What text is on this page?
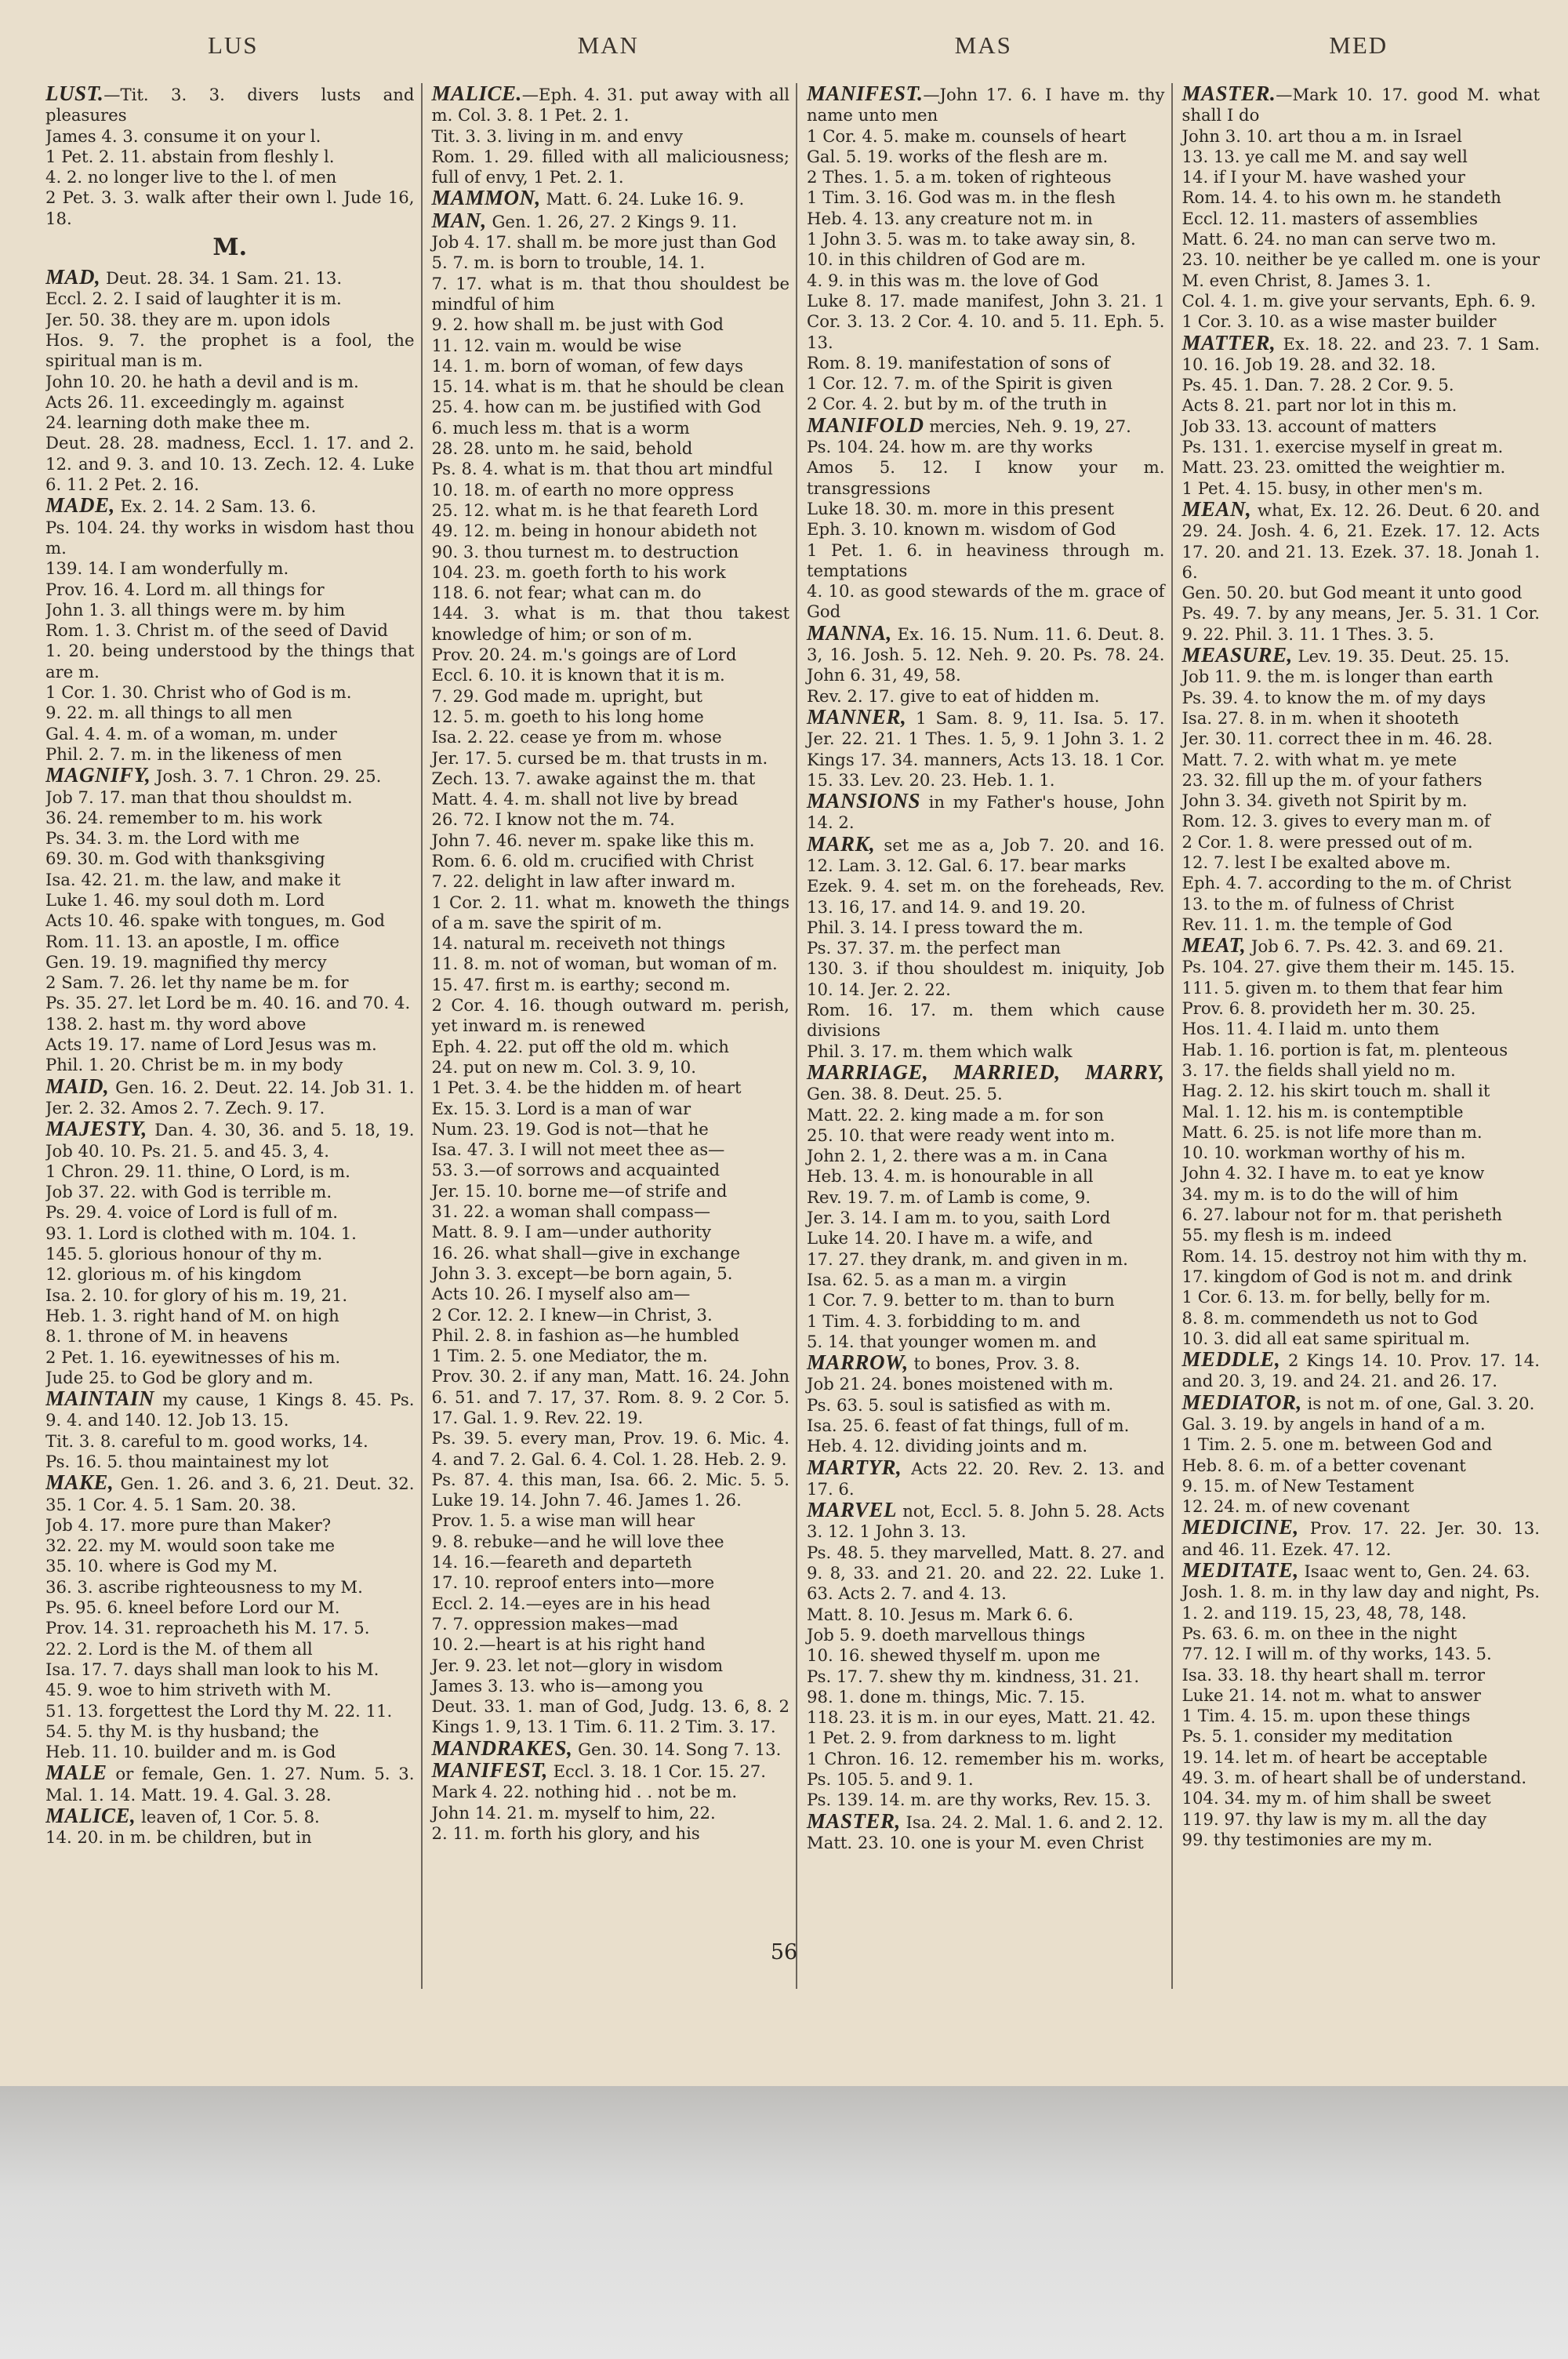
LUS	MAN	MAS	MED

LUST.—Tit. 3. 3. divers lusts and pleasures

James 4. 3. consume it on your l.

1 Pet. 2. 11. abstain from fleshly l.

4. 2. no longer live to the l. of men

2 Pet. 3. 3. walk after their own l. Jude 16, 18.

M.

MAD, Deut. 28. 34. 1 Sam. 21. 13.

Eccl. 2. 2. I said of laughter it is m.

Jer. 50. 38. they are m. upon idols

Hos. 9. 7. the prophet is a fool, the spiritual man is m.

John 10. 20. he hath a devil and is m.

Acts 26. 11. exceedingly m. against

24. learning doth make thee m.

Deut. 28. 28. madness, Eccl. 1. 17. and 2. 12. and 9. 3. and 10. 13. Zech. 12. 4. Luke 6. 11. 2 Pet. 2. 16.

MADE, Ex. 2. 14. 2 Sam. 13. 6.

Ps. 104. 24. thy works in wisdom hast thou m.

139. 14. I am wonderfully m.

Prov. 16. 4. Lord m. all things for

John 1. 3. all things were m. by him

Rom. 1. 3. Christ m. of the seed of David

1. 20. being understood by the things that are m.

1 Cor. 1. 30. Christ who of God is m.

9. 22. m. all things to all men

Gal. 4. 4. m. of a woman, m. under

Phil. 2. 7. m. in the likeness of men

MAGNIFY, Josh. 3. 7. 1 Chron. 29. 25.

Job 7. 17. man that thou shouldst m.

36. 24. remember to m. his work

Ps. 34. 3. m. the Lord with me

69. 30. m. God with thanksgiving

Isa. 42. 21. m. the law, and make it

Luke 1. 46. my soul doth m. Lord

Acts 10. 46. spake with tongues, m. God

Rom. 11. 13. an apostle, I m. office

Gen. 19. 19. magnified thy mercy

2 Sam. 7. 26. let thy name be m. for

Ps. 35. 27. let Lord be m. 40. 16. and 70. 4.

138. 2. hast m. thy word above

Acts 19. 17. name of Lord Jesus was m.

Phil. 1. 20. Christ be m. in my body

MAID, Gen. 16. 2. Deut. 22. 14. Job 31. 1. Jer. 2. 32. Amos 2. 7. Zech. 9. 17.

MAJESTY, Dan. 4. 30, 36. and 5. 18, 19. Job 40. 10. Ps. 21. 5. and 45. 3, 4.

1 Chron. 29. 11. thine, O Lord, is m.

Job 37. 22. with God is terrible m.

Ps. 29. 4. voice of Lord is full of m.

93. 1. Lord is clothed with m. 104. 1.

145. 5. glorious honour of thy m.

12. glorious m. of his kingdom

Isa. 2. 10. for glory of his m. 19, 21.

Heb. 1. 3. right hand of M. on high

8. 1. throne of M. in heavens

2 Pet. 1. 16. eyewitnesses of his m.

Jude 25. to God be glory and m.

MAINTAIN my cause, 1 Kings 8. 45. Ps. 9. 4. and 140. 12. Job 13. 15.

Tit. 3. 8. careful to m. good works, 14.

Ps. 16. 5. thou maintainest my lot

MAKE, Gen. 1. 26. and 3. 6, 21. Deut. 32. 35. 1 Cor. 4. 5. 1 Sam. 20. 38.

Job 4. 17. more pure than Maker?

32. 22. my M. would soon take me

35. 10. where is God my M.

36. 3. ascribe righteousness to my M.

Ps. 95. 6. kneel before Lord our M.

Prov. 14. 31. reproacheth his M. 17. 5.

22. 2. Lord is the M. of them all

Isa. 17. 7. days shall man look to his M.

45. 9. woe to him striveth with M.

51. 13. forgettest the Lord thy M. 22. 11.

54. 5. thy M. is thy husband; the

Heb. 11. 10. builder and m. is God

MALE or female, Gen. 1. 27. Num. 5. 3. Mal. 1. 14. Matt. 19. 4. Gal. 3. 28.

MALICE, leaven of, 1 Cor. 5. 8.

14. 20. in m. be children, but in

MALICE.—Eph. 4. 31. put away with all m. Col. 3. 8. 1 Pet. 2. 1.

Tit. 3. 3. living in m. and envy

Rom. 1. 29. filled with all maliciousness; full of envy, 1 Pet. 2. 1.

MAMMON, Matt. 6. 24. Luke 16. 9.

MAN, Gen. 1. 26, 27. 2 Kings 9. 11.

Job 4. 17. shall m. be more just than God

5. 7. m. is born to trouble, 14. 1.

7. 17. what is m. that thou shouldest be mindful of him

9. 2. how shall m. be just with God

11. 12. vain m. would be wise

14. 1. m. born of woman, of few days

15. 14. what is m. that he should be clean

25. 4. how can m. be justified with God

6. much less m. that is a worm

28. 28. unto m. he said, behold

Ps. 8. 4. what is m. that thou art mindful

10. 18. m. of earth no more oppress

25. 12. what m. is he that feareth Lord

49. 12. m. being in honour abideth not

90. 3. thou turnest m. to destruction

104. 23. m. goeth forth to his work

118. 6. not fear; what can m. do

144. 3. what is m. that thou takest knowledge of him; or son of m.

Prov. 20. 24. m.'s goings are of Lord

Eccl. 6. 10. it is known that it is m.

7. 29. God made m. upright, but

12. 5. m. goeth to his long home

Isa. 2. 22. cease ye from m. whose

Jer. 17. 5. cursed be m. that trusts in m.

Zech. 13. 7. awake against the m. that

Matt. 4. 4. m. shall not live by bread

26. 72. I know not the m. 74.

John 7. 46. never m. spake like this m.

Rom. 6. 6. old m. crucified with Christ

7. 22. delight in law after inward m.

1 Cor. 2. 11. what m. knoweth the things of a m. save the spirit of m.

14. natural m. receiveth not things

11. 8. m. not of woman, but woman of m.

15. 47. first m. is earthy; second m.

2 Cor. 4. 16. though outward m. perish, yet inward m. is renewed

Eph. 4. 22. put off the old m. which

24. put on new m. Col. 3. 9, 10.

1 Pet. 3. 4. be the hidden m. of heart

Ex. 15. 3. Lord is a man of war

Num. 23. 19. God is not—that he

Isa. 47. 3. I will not meet thee as—

53. 3.—of sorrows and acquainted

Jer. 15. 10. borne me—of strife and

31. 22. a woman shall compass—

Matt. 8. 9. I am—under authority

16. 26. what shall—give in exchange

John 3. 3. except—be born again, 5.

Acts 10. 26. I myself also am—

2 Cor. 12. 2. I knew—in Christ, 3.

Phil. 2. 8. in fashion as—he humbled

1 Tim. 2. 5. one Mediator, the m.

Prov. 30. 2. if any man, Matt. 16. 24. John 6. 51. and 7. 17, 37. Rom. 8. 9. 2 Cor. 5. 17. Gal. 1. 9. Rev. 22. 19.

Ps. 39. 5. every man, Prov. 19. 6. Mic. 4. 4. and 7. 2. Gal. 6. 4. Col. 1. 28. Heb. 2. 9.

Ps. 87. 4. this man, Isa. 66. 2. Mic. 5. 5. Luke 19. 14. John 7. 46. James 1. 26.

Prov. 1. 5. a wise man will hear

9. 8. rebuke—and he will love thee

14. 16.—feareth and departeth

17. 10. reproof enters into—more

Eccl. 2. 14.—eyes are in his head

7. 7. oppression makes—mad

10. 2.—heart is at his right hand

Jer. 9. 23. let not—glory in wisdom

James 3. 13. who is—among you

Deut. 33. 1. man of God, Judg. 13. 6, 8. 2 Kings 1. 9, 13. 1 Tim. 6. 11. 2 Tim. 3. 17.

MANDRAKES, Gen. 30. 14. Song 7. 13.

MANIFEST, Eccl. 3. 18. 1 Cor. 15. 27.

Mark 4. 22. nothing hid . . not be m.

John 14. 21. m. myself to him, 22.

2. 11. m. forth his glory, and his

MANIFEST.—John 17. 6. I have m. thy name unto men

1 Cor. 4. 5. make m. counsels of heart

Gal. 5. 19. works of the flesh are m.

2 Thes. 1. 5. a m. token of righteous

1 Tim. 3. 16. God was m. in the flesh

Heb. 4. 13. any creature not m. in

1 John 3. 5. was m. to take away sin, 8.

10. in this children of God are m.

4. 9. in this was m. the love of God

Luke 8. 17. made manifest, John 3. 21. 1 Cor. 3. 13. 2 Cor. 4. 10. and 5. 11. Eph. 5. 13.

Rom. 8. 19. manifestation of sons of

1 Cor. 12. 7. m. of the Spirit is given

2 Cor. 4. 2. but by m. of the truth in

MANIFOLD mercies, Neh. 9. 19, 27.

Ps. 104. 24. how m. are thy works

Amos 5. 12. I know your m. transgressions

Luke 18. 30. m. more in this present

Eph. 3. 10. known m. wisdom of God

1 Pet. 1. 6. in heaviness through m. temptations

4. 10. as good stewards of the m. grace of God

MANNA, Ex. 16. 15. Num. 11. 6. Deut. 8. 3, 16. Josh. 5. 12. Neh. 9. 20. Ps. 78. 24. John 6. 31, 49, 58.

Rev. 2. 17. give to eat of hidden m.

MANNER, 1 Sam. 8. 9, 11. Isa. 5. 17. Jer. 22. 21. 1 Thes. 1. 5, 9. 1 John 3. 1. 2 Kings 17. 34. manners, Acts 13. 18. 1 Cor. 15. 33. Lev. 20. 23. Heb. 1. 1.

MANSIONS in my Father's house, John 14. 2.

MARK, set me as a, Job 7. 20. and 16. 12. Lam. 3. 12. Gal. 6. 17. bear marks

Ezek. 9. 4. set m. on the foreheads, Rev. 13. 16, 17. and 14. 9. and 19. 20.

Phil. 3. 14. I press toward the m.

Ps. 37. 37. m. the perfect man

130. 3. if thou shouldest m. iniquity, Job 10. 14. Jer. 2. 22.

Rom. 16. 17. m. them which cause divisions

Phil. 3. 17. m. them which walk

MARRIAGE, MARRIED, MARRY, Gen. 38. 8. Deut. 25. 5.

Matt. 22. 2. king made a m. for son

25. 10. that were ready went into m.

John 2. 1, 2. there was a m. in Cana

Heb. 13. 4. m. is honourable in all

Rev. 19. 7. m. of Lamb is come, 9.

Jer. 3. 14. I am m. to you, saith Lord

Luke 14. 20. I have m. a wife, and

17. 27. they drank, m. and given in m.

Isa. 62. 5. as a man m. a virgin

1 Cor. 7. 9. better to m. than to burn

1 Tim. 4. 3. forbidding to m. and

5. 14. that younger women m. and

MARROW, to bones, Prov. 3. 8.

Job 21. 24. bones moistened with m.

Ps. 63. 5. soul is satisfied as with m.

Isa. 25. 6. feast of fat things, full of m.

Heb. 4. 12. dividing joints and m.

MARTYR, Acts 22. 20. Rev. 2. 13. and 17. 6.

MARVEL not, Eccl. 5. 8. John 5. 28. Acts 3. 12. 1 John 3. 13.

Ps. 48. 5. they marvelled, Matt. 8. 27. and 9. 8, 33. and 21. 20. and 22. 22. Luke 1. 63. Acts 2. 7. and 4. 13.

Matt. 8. 10. Jesus m. Mark 6. 6.

Job 5. 9. doeth marvellous things

10. 16. shewed thyself m. upon me

Ps. 17. 7. shew thy m. kindness, 31. 21.

98. 1. done m. things, Mic. 7. 15.

118. 23. it is m. in our eyes, Matt. 21. 42.

1 Pet. 2. 9. from darkness to m. light

1 Chron. 16. 12. remember his m. works, Ps. 105. 5. and 9. 1.

Ps. 139. 14. m. are thy works, Rev. 15. 3.

MASTER, Isa. 24. 2. Mal. 1. 6. and 2. 12.

Matt. 23. 10. one is your M. even Christ

MASTER.—Mark 10. 17. good M. what shall I do

John 3. 10. art thou a m. in Israel

13. 13. ye call me M. and say well

14. if I your M. have washed your

Rom. 14. 4. to his own m. he standeth

Eccl. 12. 11. masters of assemblies

Matt. 6. 24. no man can serve two m.

23. 10. neither be ye called m. one is your M. even Christ, 8. James 3. 1.

Col. 4. 1. m. give your servants, Eph. 6. 9.

1 Cor. 3. 10. as a wise master builder

MATTER, Ex. 18. 22. and 23. 7. 1 Sam. 10. 16. Job 19. 28. and 32. 18.

Ps. 45. 1. Dan. 7. 28. 2 Cor. 9. 5.

Acts 8. 21. part nor lot in this m.

Job 33. 13. account of matters

Ps. 131. 1. exercise myself in great m.

Matt. 23. 23. omitted the weightier m.

1 Pet. 4. 15. busy, in other men's m.

MEAN, what, Ex. 12. 26. Deut. 6 20. and 29. 24. Josh. 4. 6, 21. Ezek. 17. 12. Acts 17. 20. and 21. 13. Ezek. 37. 18. Jonah 1. 6.

Gen. 50. 20. but God meant it unto good

Ps. 49. 7. by any means, Jer. 5. 31. 1 Cor. 9. 22. Phil. 3. 11. 1 Thes. 3. 5.

MEASURE, Lev. 19. 35. Deut. 25. 15.

Job 11. 9. the m. is longer than earth

Ps. 39. 4. to know the m. of my days

Isa. 27. 8. in m. when it shooteth

Jer. 30. 11. correct thee in m. 46. 28.

Matt. 7. 2. with what m. ye mete

23. 32. fill up the m. of your fathers

John 3. 34. giveth not Spirit by m.

Rom. 12. 3. gives to every man m. of

2 Cor. 1. 8. were pressed out of m.

12. 7. lest I be exalted above m.

Eph. 4. 7. according to the m. of Christ

13. to the m. of fulness of Christ

Rev. 11. 1. m. the temple of God

MEAT, Job 6. 7. Ps. 42. 3. and 69. 21.

Ps. 104. 27. give them their m. 145. 15.

111. 5. given m. to them that fear him

Prov. 6. 8. provideth her m. 30. 25.

Hos. 11. 4. I laid m. unto them

Hab. 1. 16. portion is fat, m. plenteous

3. 17. the fields shall yield no m.

Hag. 2. 12. his skirt touch m. shall it

Mal. 1. 12. his m. is contemptible

Matt. 6. 25. is not life more than m.

10. 10. workman worthy of his m.

John 4. 32. I have m. to eat ye know

34. my m. is to do the will of him

6. 27. labour not for m. that perisheth

55. my flesh is m. indeed

Rom. 14. 15. destroy not him with thy m.

17. kingdom of God is not m. and drink

1 Cor. 6. 13. m. for belly, belly for m.

8. 8. m. commendeth us not to God

10. 3. did all eat same spiritual m.

MEDDLE, 2 Kings 14. 10. Prov. 17. 14. and 20. 3, 19. and 24. 21. and 26. 17.

MEDIATOR, is not m. of one, Gal. 3. 20.

Gal. 3. 19. by angels in hand of a m.

1 Tim. 2. 5. one m. between God and

Heb. 8. 6. m. of a better covenant

9. 15. m. of New Testament

12. 24. m. of new covenant

MEDICINE, Prov. 17. 22. Jer. 30. 13. and 46. 11. Ezek. 47. 12.

MEDITATE, Isaac went to, Gen. 24. 63.

Josh. 1. 8. m. in thy law day and night, Ps. 1. 2. and 119. 15, 23, 48, 78, 148.

Ps. 63. 6. m. on thee in the night

77. 12. I will m. of thy works, 143. 5.

Isa. 33. 18. thy heart shall m. terror

Luke 21. 14. not m. what to answer

1 Tim. 4. 15. m. upon these things

Ps. 5. 1. consider my meditation

19. 14. let m. of heart be acceptable

49. 3. m. of heart shall be of understand.

104. 34. my m. of him shall be sweet

119. 97. thy law is my m. all the day

99. thy testimonies are my m.

56
